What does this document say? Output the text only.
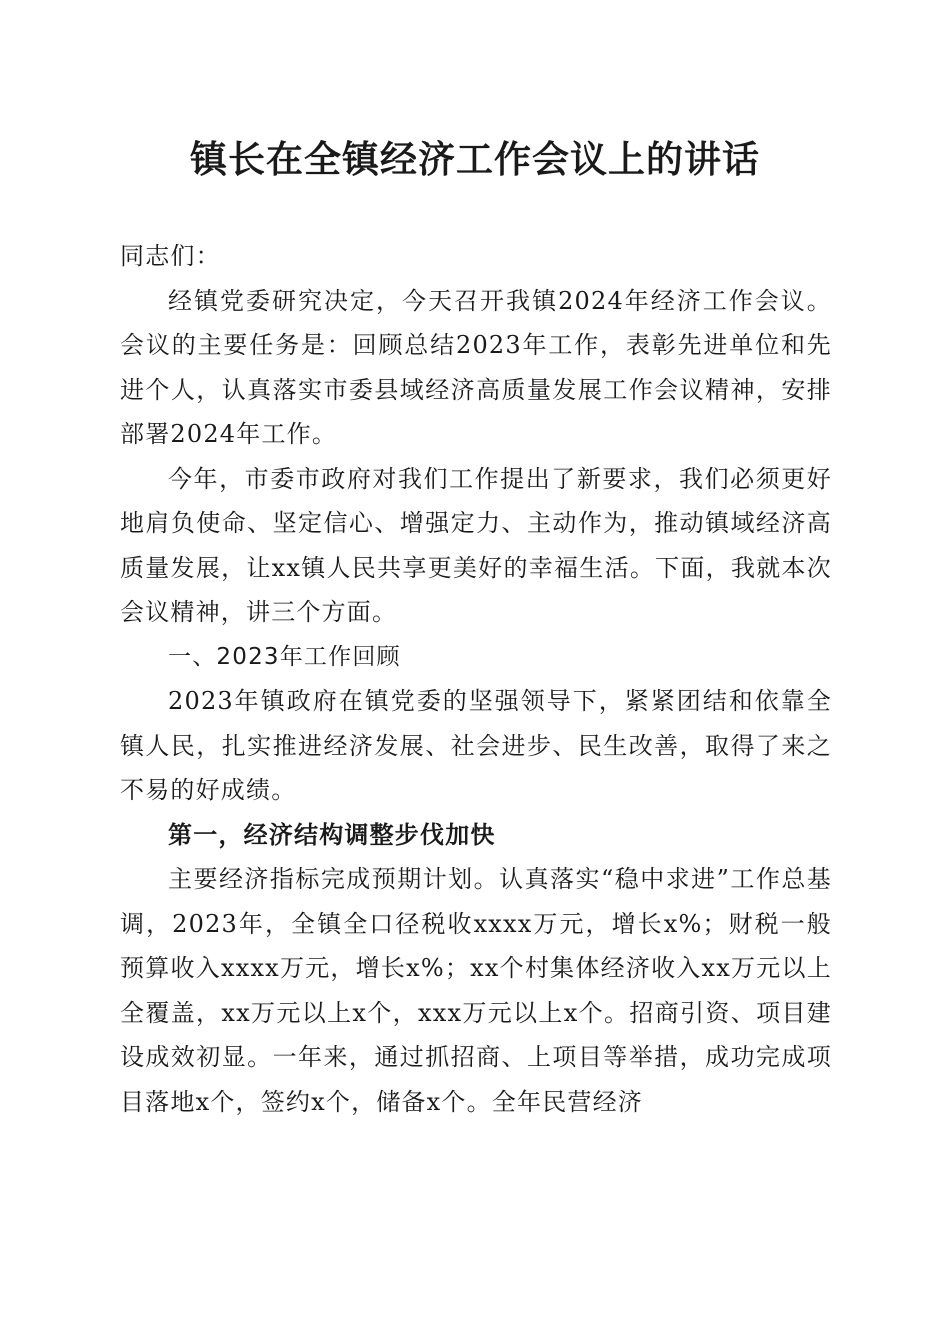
镇长在全镇经济工作会议上的讲话

同志们：

经镇党委研究决定，今天召开我镇2024年经济工作会议。会议的主要任务是：回顾总结2023年工作，表彰先进单位和先进个人，认真落实市委县域经济高质量发展工作会议精神，安排部署2024年工作。

今年，市委市政府对我们工作提出了新要求，我们必须更好地肩负使命、坚定信心、增强定力、主动作为，推动镇域经济高质量发展，让xx镇人民共享更美好的幸福生活。下面，我就本次会议精神，讲三个方面。

一、2023年工作回顾

2023年镇政府在镇党委的坚强领导下，紧紧团结和依靠全镇人民，扎实推进经济发展、社会进步、民生改善，取得了来之不易的好成绩。

第一，经济结构调整步伐加快

主要经济指标完成预期计划。认真落实“稳中求进”工作总基调，2023年，全镇全口径税收xxxx万元，增长x%；财税一般预算收入xxxx万元，增长x%；xx个村集体经济收入xx万元以上全覆盖，xx万元以上x个，xxx万元以上x个。招商引资、项目建设成效初显。一年来，通过抓招商、上项目等举措，成功完成项目落地x个，签约x个，储备x个。全年民营经济
